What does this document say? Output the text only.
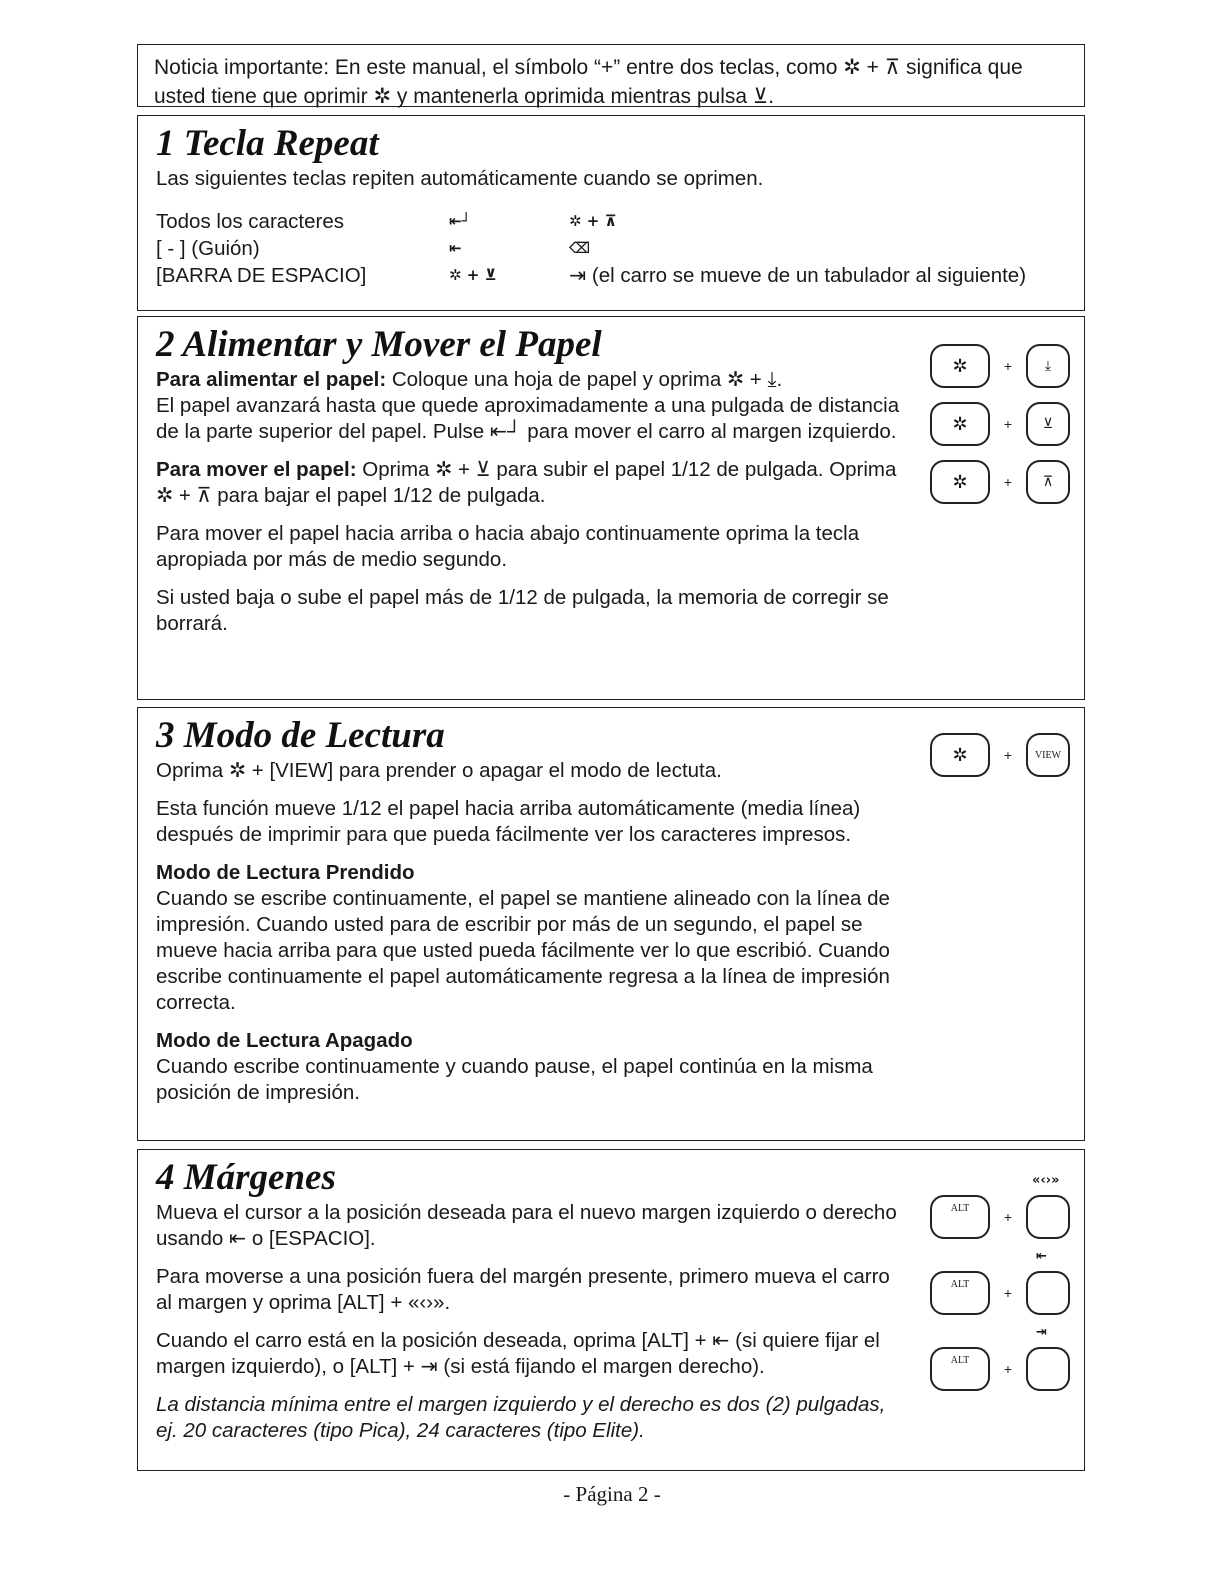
Noticia importante: En este manual, el símbolo “+” entre dos teclas, como ✲ + ⊼ significa que
usted tiene que oprimir ✲ y mantenerla oprimida mientras pulsa ⊻.
1 Tecla Repeat

Las siguientes teclas repiten automáticamente cuando se oprimen.

Todos los caracteres	⇤┘	✲ + ⊼
[ - ] (Guión)	⇤	⌫
[BARRA DE ESPACIO]	✲ + ⊻	⇥ (el carro se mueve de un tabulador al siguiente)
2 Alimentar y Mover el Papel

Para alimentar el papel: Coloque una hoja de papel y oprima ✲ + ⤓.

El papel avanzará hasta que quede aproximadamente a una pulgada de distancia de la parte superior del papel. Pulse ⇤┘ para mover el carro al margen izquierdo.

Para mover el papel: Oprima ✲ + ⊻ para subir el papel 1/12 de pulgada. Oprima ✲ + ⊼ para bajar el papel 1/12 de pulgada.

Para mover el papel hacia arriba o hacia abajo continuamente oprima la tecla apropiada por más de medio segundo.

Si usted baja o sube el papel más de 1/12 de pulgada, la memoria de corregir se borrará.

✲	+	⤓
✲	+	⊻
✲	+	⊼
3 Modo de Lectura

Oprima ✲ + [VIEW] para prender o apagar el modo de lectuta.

Esta función mueve 1/12 el papel hacia arriba automáticamente (media línea) después de imprimir para que pueda fácilmente ver los caracteres impresos.

Modo de Lectura Prendido

Cuando se escribe continuamente, el papel se mantiene alineado con la línea de impresión. Cuando usted para de escribir por más de un segundo, el papel se mueve hacia arriba para que usted pueda fácilmente ver lo que escribió. Cuando escribe continuamente el papel automáticamente regresa a la línea de impresión correcta.

Modo de Lectura Apagado

Cuando escribe continuamente y cuando pause, el papel continúa en la misma posición de impresión.

✲	+	VIEW
4 Márgenes

Mueva el cursor a la posición deseada para el nuevo margen izquierdo o derecho usando ⇤ o [ESPACIO].

Para moverse a una posición fuera del margén presente, primero mueva el carro al margen y oprima [ALT] + «‹›».

Cuando el carro está en la posición deseada, oprima [ALT] + ⇤ (si quiere fijar el margen izquierdo), o [ALT] + ⇥ (si está fijando el margen derecho).

La distancia mínima entre el margen izquierdo y el derecho es dos (2) pulgadas, ej. 20 caracteres (tipo Pica), 24 caracteres (tipo Elite).

ALT
+
«‹›»
ALT
+
⇤
ALT
+
⇥
- Página 2 -
